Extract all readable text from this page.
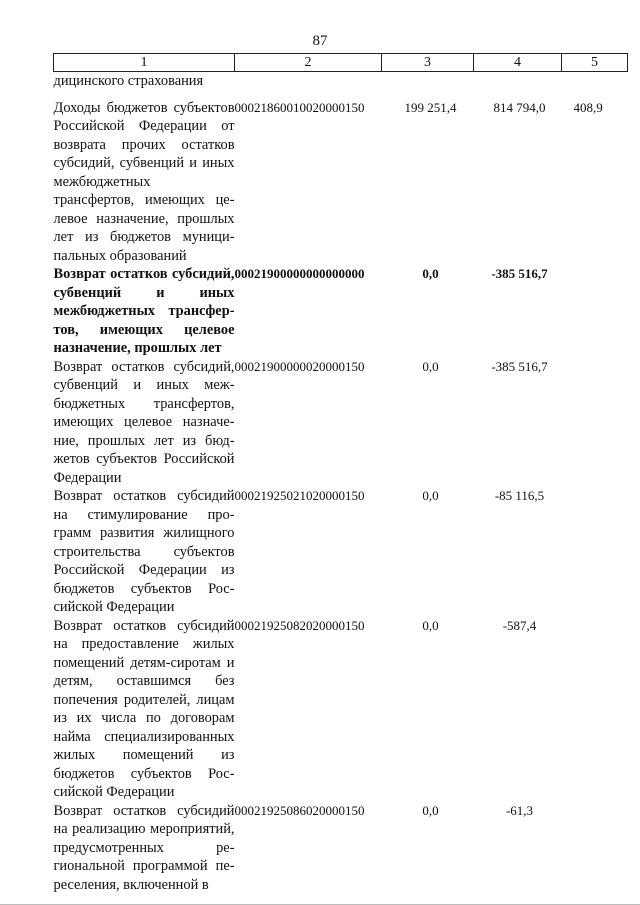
87
1	2	3	4	5
дицинского страхования				
Доходы бюджетов субъектов Российской Федерации от возврата прочих остатков субсидий, субвенций и иных межбюджетных трансфертов, имеющих целевое назначение, прошлых лет из бюджетов муниципальных образований	00021860010020000150	199 251,4	814 794,0	408,9
Возврат остатков субсидий, субвенций и иных межбюджетных трансфертов, имеющих целевое назначение, прошлых лет	00021900000000000000	0,0	-385 516,7	
Возврат остатков субсидий, субвенций и иных межбюджетных трансфертов, имеющих целевое назначение, прошлых лет из бюджетов субъектов Российской Федерации	00021900000020000150	0,0	-385 516,7	
Возврат остатков субсидий на стимулирование программ развития жилищного строительства субъектов Российской Федерации из бюджетов субъектов Российской Федерации	00021925021020000150	0,0	-85 116,5	
Возврат остатков субсидий на предоставление жилых помещений детям-сиротам и детям, оставшимся без попечения родителей, лицам из их числа по договорам найма специализированных жилых помещений из бюджетов субъектов Российской Федерации	00021925082020000150	0,0	-587,4	
Возврат остатков субсидий на реализацию мероприятий, предусмотренных региональной программой переселения, включенной в	00021925086020000150	0,0	-61,3	
